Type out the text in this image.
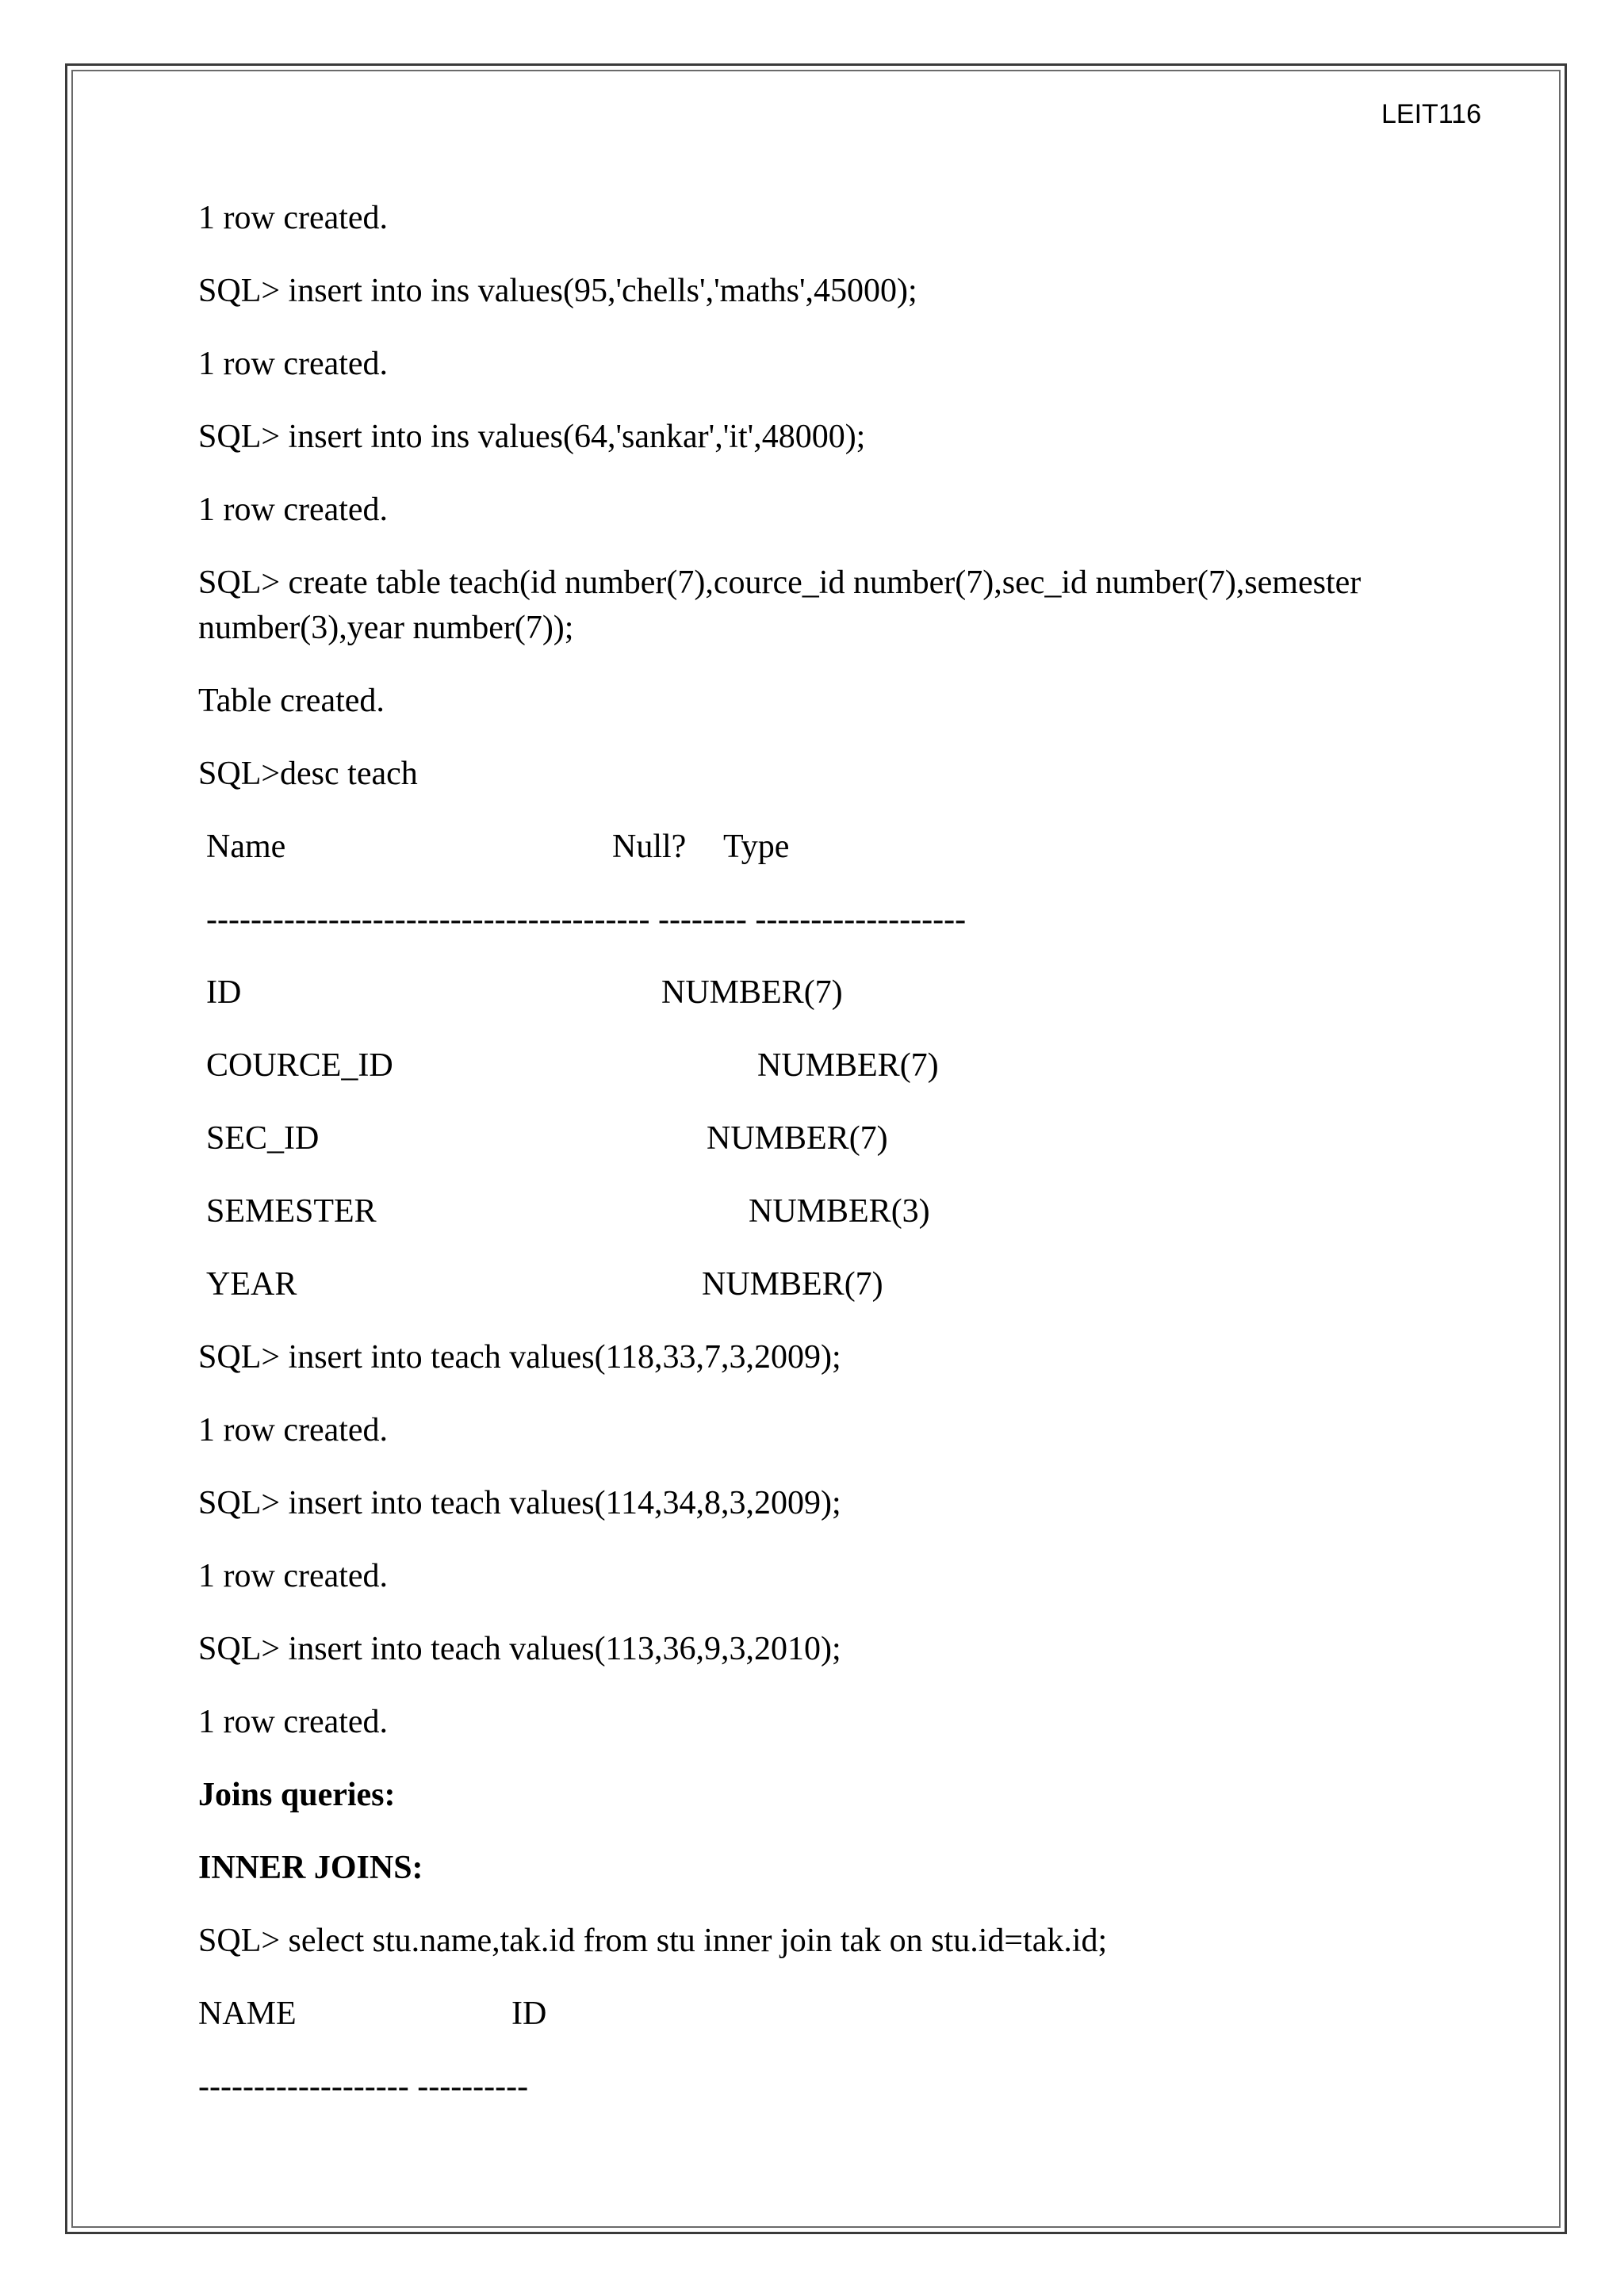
LEIT116
1 row created.
SQL> insert into ins values(95,'chells','maths',45000);
1 row created.
SQL> insert into ins values(64,'sankar','it',48000);
1 row created.
SQL> create table teach(id number(7),cource_id number(7),sec_id number(7),semester
number(3),year number(7));
Table created.
SQL>desc teach
Name	Null? Type
---------------------------------------- -------- -------------------
ID	NUMBER(7)
COURCE_ID	NUMBER(7)
SEC_ID	NUMBER(7)
SEMESTER	NUMBER(3)
YEAR	NUMBER(7)
SQL> insert into teach values(118,33,7,3,2009);
1 row created.
SQL> insert into teach values(114,34,8,3,2009);
1 row created.
SQL> insert into teach values(113,36,9,3,2010);
1 row created.
Joins queries:
INNER JOINS:
SQL> select stu.name,tak.id from stu inner join tak on stu.id=tak.id;
NAME	ID
------------------- ----------
